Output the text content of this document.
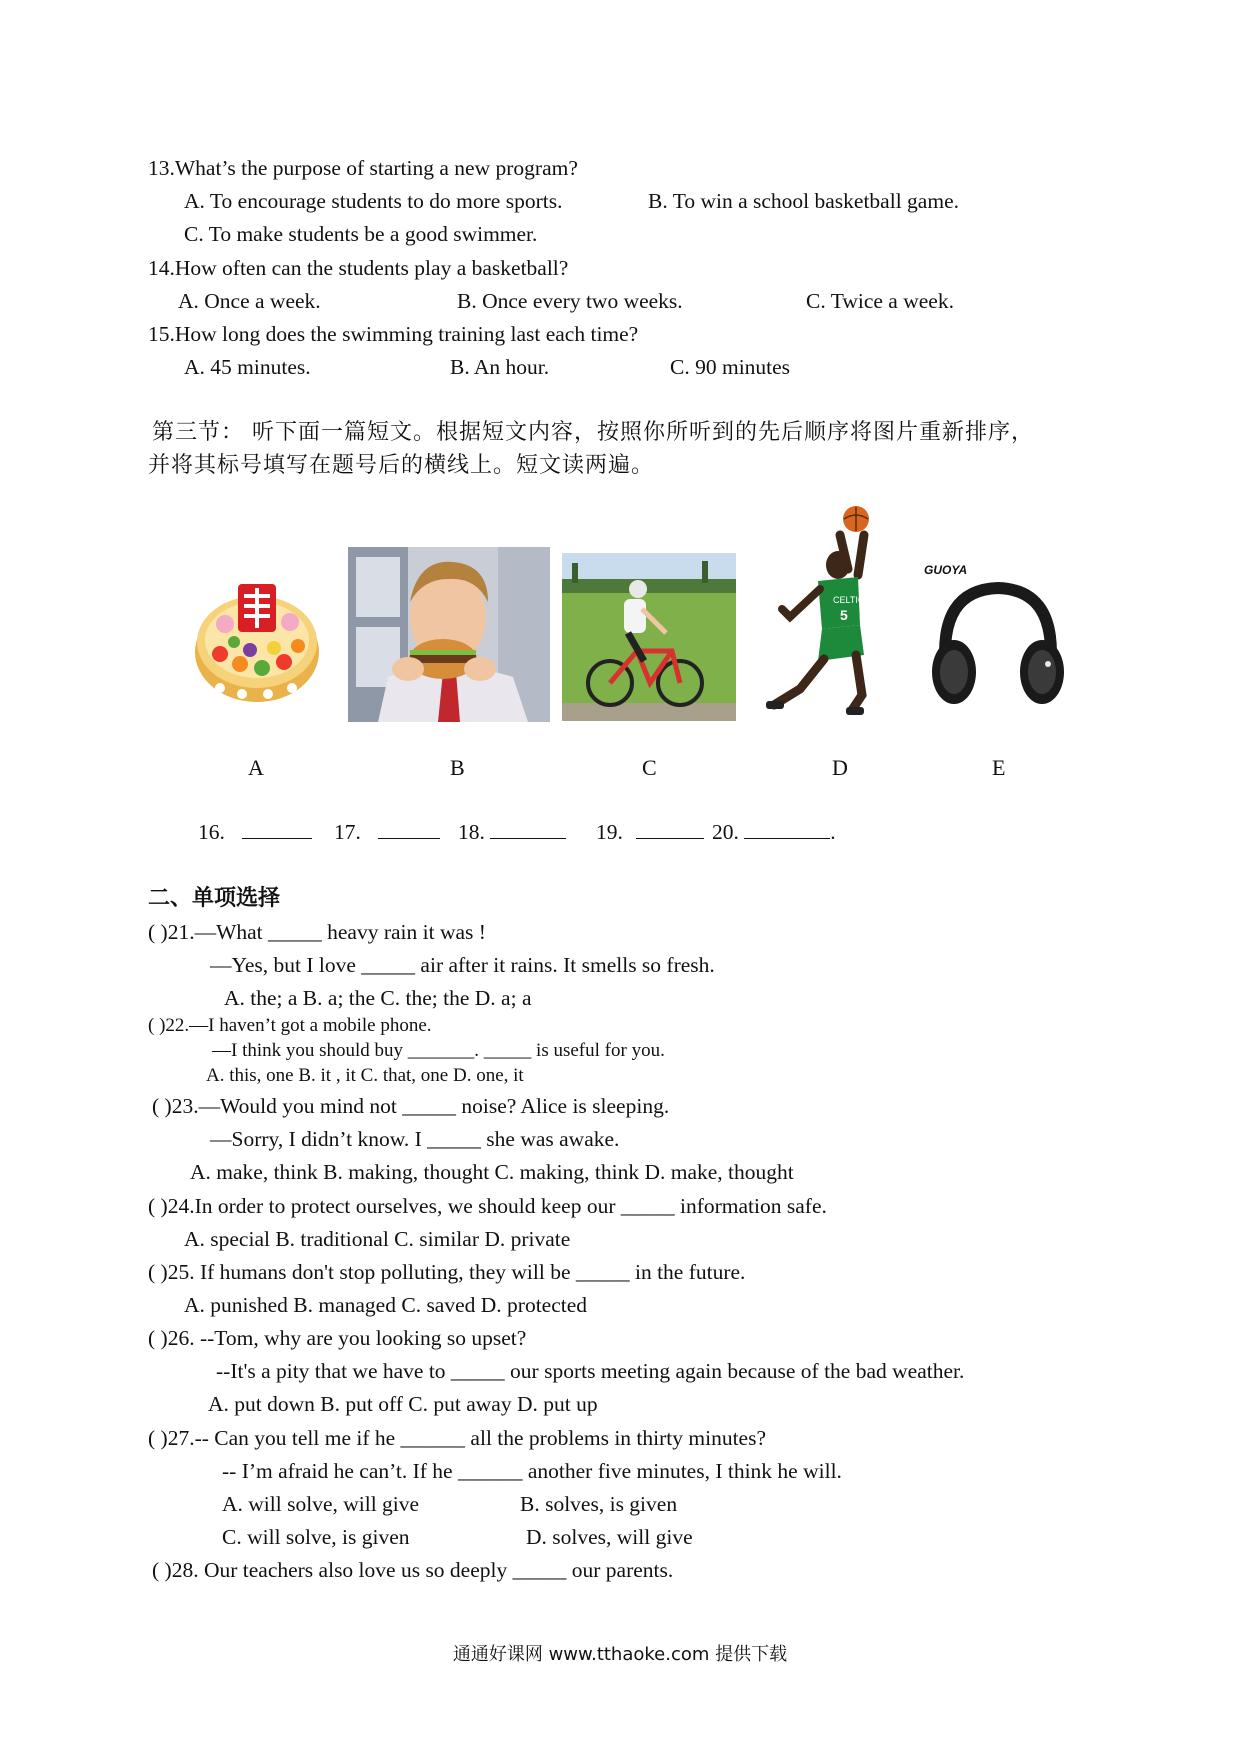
13.What’s the purpose of starting a new program?
A. To encourage students to do more sports.	B. To win a school basketball game.
C. To make students be a good swimmer.
14.How often can the students play a basketball?
A. Once a week.	B. Once every two weeks.	C. Twice a week.
15.How long does the swimming training last each time?
A. 45 minutes.	B. An hour.	C. 90 minutes
第三节： 听下面一篇短文。根据短文内容，按照你所听到的先后顺序将图片重新排序，
并将其标号填写在题号后的横线上。短文读两遍。
CELTICS
5
GUOYA
A	B	C	D	E
16.	17.	18.	19.	20.	.
二、单项选择
( )21.—What _____ heavy rain it was !
—Yes, but I love _____ air after it rains. It smells so fresh.
A. the; a B. a; the C. the; the D. a; a
( )22.—I haven’t got a mobile phone.
—I think you should buy _______. _____ is useful for you.
A. this, one B. it , it C. that, one D. one, it
( )23.—Would you mind not _____ noise? Alice is sleeping.
—Sorry, I didn’t know. I _____ she was awake.
A. make, think B. making, thought C. making, think D. make, thought
( )24.In order to protect ourselves, we should keep our _____ information safe.
A. special B. traditional C. similar D. private
( )25. If humans don't stop polluting, they will be _____ in the future.
A. punished B. managed C. saved D. protected
( )26. --Tom, why are you looking so upset?
--It's a pity that we have to _____ our sports meeting again because of the bad weather.
A. put down B. put off C. put away D. put up
( )27.-- Can you tell me if he ______ all the problems in thirty minutes?
-- I’m afraid he can’t. If he ______ another five minutes, I think he will.
A. will solve, will give	B. solves, is given
C. will solve, is given	D. solves, will give
( )28. Our teachers also love us so deeply _____ our parents.
通通好课网 www.tthaoke.com 提供下载
